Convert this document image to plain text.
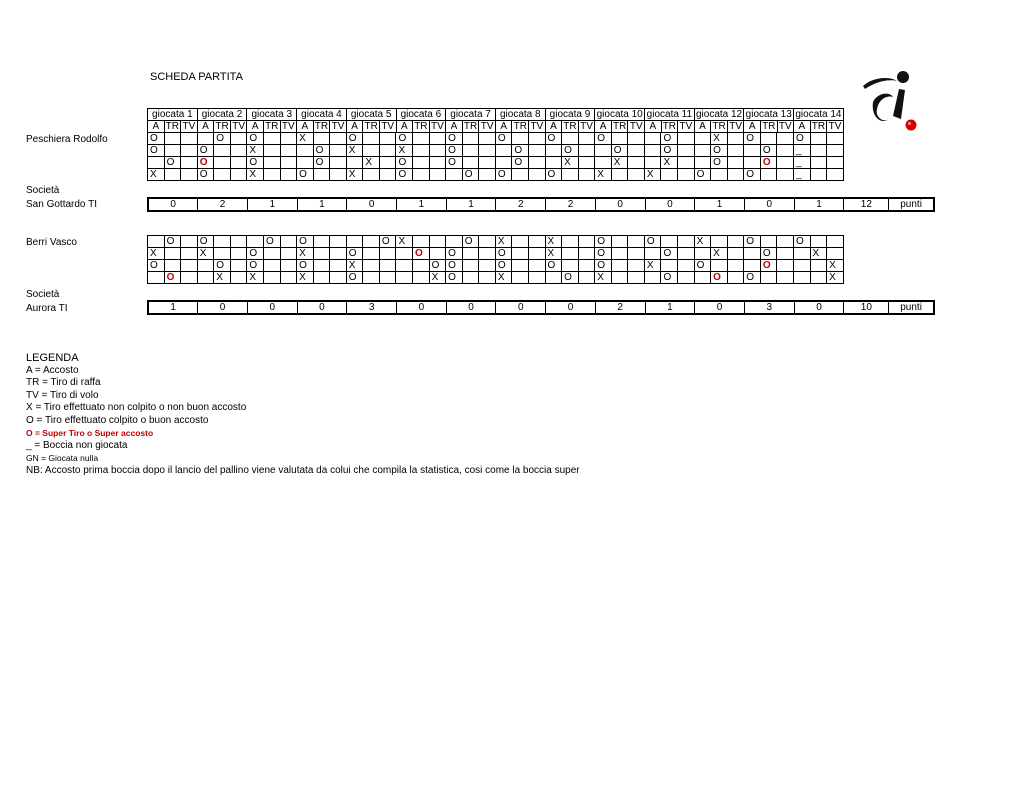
SCHEDA PARTITA
giocata 1			giocata 2			giocata 3			giocata 4			giocata 5			giocata 6			giocata 7			giocata 8			giocata 9			giocata 10			giocata 11			giocata 12			giocata 13			giocata 14		
A	TR	TV	A	TR	TV	A	TR	TV	A	TR	TV	A	TR	TV	A	TR	TV	A	TR	TV	A	TR	TV	A	TR	TV	A	TR	TV	A	TR	TV	A	TR	TV	A	TR	TV	A	TR	TV
Peschiera Rodolfo	O				O		O			X			O			O			O			O			O			O				O			X		O			O		
O			O			X				O		X			X			O				O			O			O			O			O			O		_		
	O		O			O				O			X		O			O				O			X			X			X			O			O		_		
X			O			X			O			X			O				O		O			O			X			X			O			O			_		
Società
San Gottardo TI	0	2	1	1	0	1	1	2	2	0	0	1	0	1	12	punti
Berri Vasco
		O		O				O		O					O	X				O		X			X			O			O			X			O			O		
X			X			O			X			O				O		O			O			X			O				O			X			O			X	
O				O		O			O			X					O	O			O			O			O			X			O				O				X
	O			X		X			X			O					X	O			X				O		X				O			O		O					X
Società
Aurora TI	1	0	0	0	3	0	0	0	0	2	1	0	3	0	10	punti
LEGENDA
A = Accosto
TR = Tiro di raffa
TV = Tiro di volo
X = Tiro effettuato non colpito o non buon accosto
O = Tiro effettuato colpito o buon accosto
O = Super Tiro o Super accosto
_ = Boccia non giocata
GN = Giocata nulla
NB: Accosto prima boccia dopo il lancio del pallino viene valutata da colui che compila la statistica, cosi come la boccia super
